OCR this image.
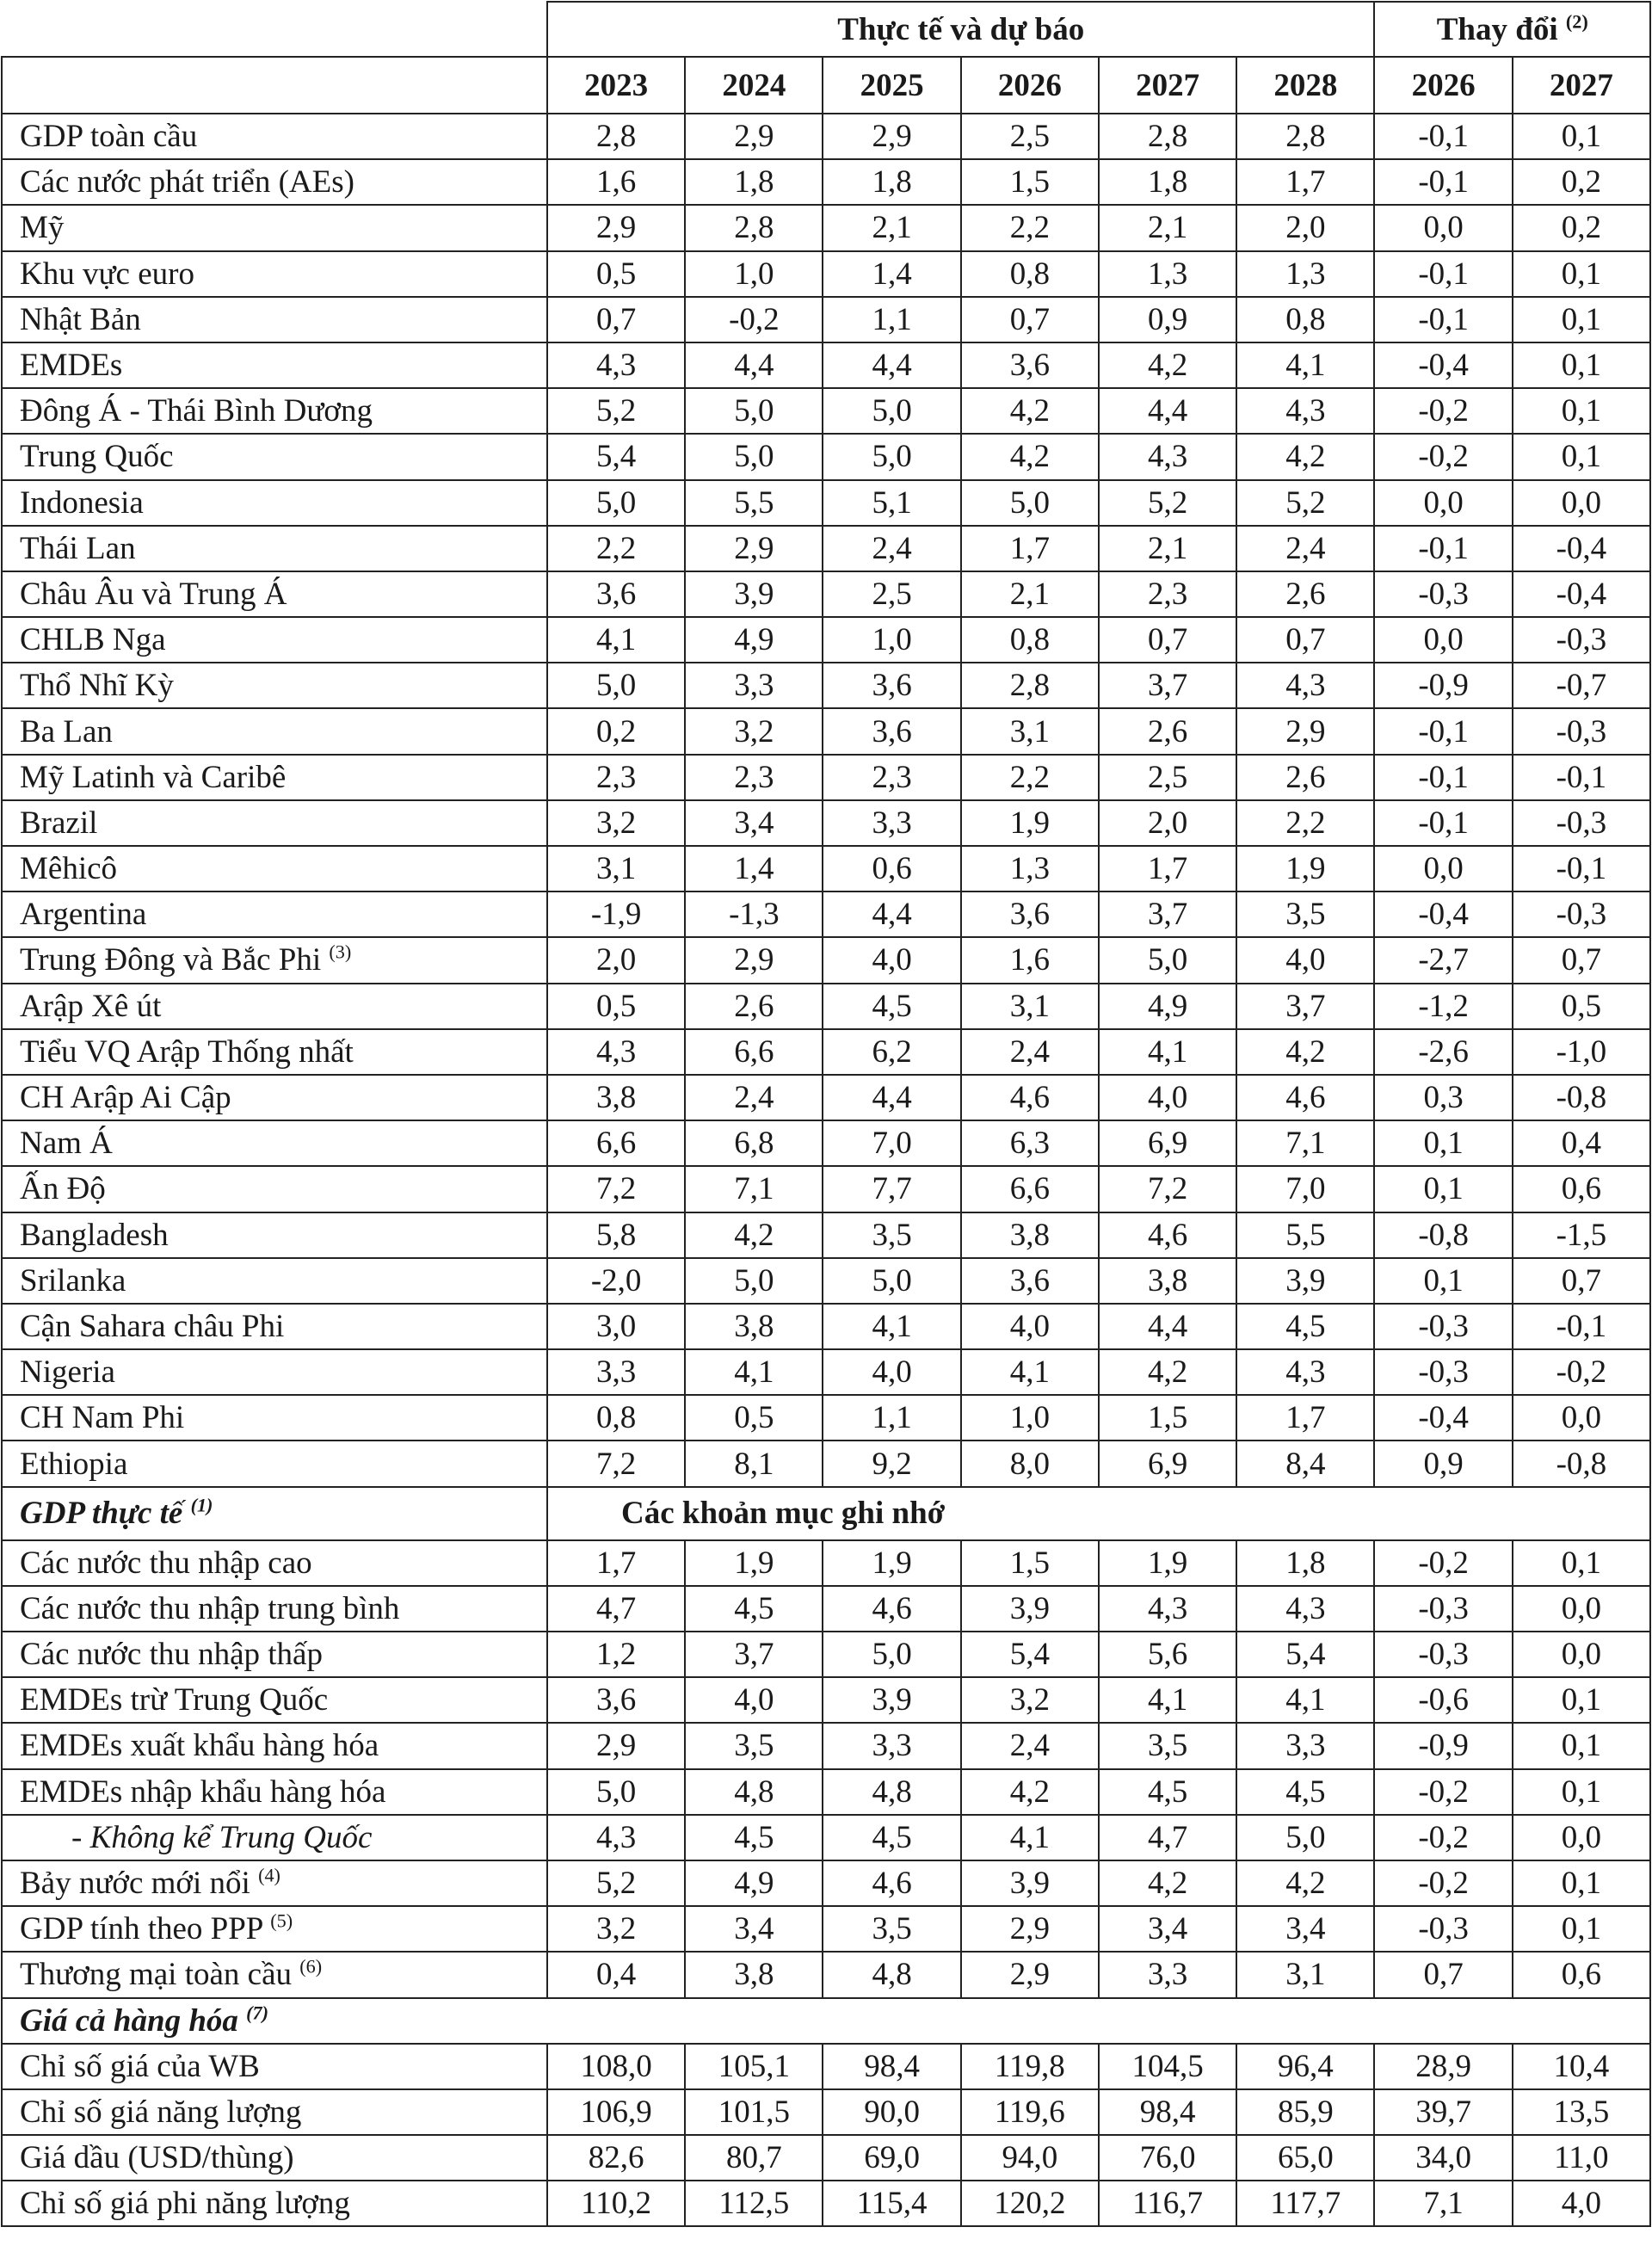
	Thực tế và dự báo						Thay đổi $^{(2)}$
	2023	2024	2025	2026	2027	2028	2026	2027
GDP toàn cầu	2,8	2,9	2,9	2,5	2,8	2,8	-0,1	0,1
Các nước phát triển (AEs)	1,6	1,8	1,8	1,5	1,8	1,7	-0,1	0,2
Mỹ	2,9	2,8	2,1	2,2	2,1	2,0	0,0	0,2
Khu vực euro	0,5	1,0	1,4	0,8	1,3	1,3	-0,1	0,1
Nhật Bản	0,7	-0,2	1,1	0,7	0,9	0,8	-0,1	0,1
EMDEs	4,3	4,4	4,4	3,6	4,2	4,1	-0,4	0,1
Đông Á - Thái Bình Dương	5,2	5,0	5,0	4,2	4,4	4,3	-0,2	0,1
Trung Quốc	5,4	5,0	5,0	4,2	4,3	4,2	-0,2	0,1
Indonesia	5,0	5,5	5,1	5,0	5,2	5,2	0,0	0,0
Thái Lan	2,2	2,9	2,4	1,7	2,1	2,4	-0,1	-0,4
Châu Âu và Trung Á	3,6	3,9	2,5	2,1	2,3	2,6	-0,3	-0,4
CHLB Nga	4,1	4,9	1,0	0,8	0,7	0,7	0,0	-0,3
Thổ Nhĩ Kỳ	5,0	3,3	3,6	2,8	3,7	4,3	-0,9	-0,7
Ba Lan	0,2	3,2	3,6	3,1	2,6	2,9	-0,1	-0,3
Mỹ Latinh và Caribê	2,3	2,3	2,3	2,2	2,5	2,6	-0,1	-0,1
Brazil	3,2	3,4	3,3	1,9	2,0	2,2	-0,1	-0,3
Mêhicô	3,1	1,4	0,6	1,3	1,7	1,9	0,0	-0,1
Argentina	-1,9	-1,3	4,4	3,6	3,7	3,5	-0,4	-0,3
Trung Đông và Bắc Phi $^{(3)}$	2,0	2,9	4,0	1,6	5,0	4,0	-2,7	0,7
Arập Xê út	0,5	2,6	4,5	3,1	4,9	3,7	-1,2	0,5
Tiểu VQ Arập Thống nhất	4,3	6,6	6,2	2,4	4,1	4,2	-2,6	-1,0
CH Arập Ai Cập	3,8	2,4	4,4	4,6	4,0	4,6	0,3	-0,8
Nam Á	6,6	6,8	7,0	6,3	6,9	7,1	0,1	0,4
Ấn Độ	7,2	7,1	7,7	6,6	7,2	7,0	0,1	0,6
Bangladesh	5,8	4,2	3,5	3,8	4,6	5,5	-0,8	-1,5
Srilanka	-2,0	5,0	5,0	3,6	3,8	3,9	0,1	0,7
Cận Sahara châu Phi	3,0	3,8	4,1	4,0	4,4	4,5	-0,3	-0,1
Nigeria	3,3	4,1	4,0	4,1	4,2	4,3	-0,3	-0,2
CH Nam Phi	0,8	0,5	1,1	1,0	1,5	1,7	-0,4	0,0
Ethiopia	7,2	8,1	9,2	8,0	6,9	8,4	0,9	-0,8
GDP thực tế $^{(1)}$	Các khoản mục ghi nhớ							
Các nước thu nhập cao	1,7	1,9	1,9	1,5	1,9	1,8	-0,2	0,1
Các nước thu nhập trung bình	4,7	4,5	4,6	3,9	4,3	4,3	-0,3	0,0
Các nước thu nhập thấp	1,2	3,7	5,0	5,4	5,6	5,4	-0,3	0,0
EMDEs trừ Trung Quốc	3,6	4,0	3,9	3,2	4,1	4,1	-0,6	0,1
EMDEs xuất khẩu hàng hóa	2,9	3,5	3,3	2,4	3,5	3,3	-0,9	0,1
EMDEs nhập khẩu hàng hóa	5,0	4,8	4,8	4,2	4,5	4,5	-0,2	0,1
- Không kể Trung Quốc	4,3	4,5	4,5	4,1	4,7	5,0	-0,2	0,0
Bảy nước mới nổi $^{(4)}$	5,2	4,9	4,6	3,9	4,2	4,2	-0,2	0,1
GDP tính theo PPP $^{(5)}$	3,2	3,4	3,5	2,9	3,4	3,4	-0,3	0,1
Thương mại toàn cầu $^{(6)}$	0,4	3,8	4,8	2,9	3,3	3,1	0,7	0,6
Giá cả hàng hóa $^{(7)}$
Chỉ số giá của WB	108,0	105,1	98,4	119,8	104,5	96,4	28,9	10,4
Chỉ số giá năng lượng	106,9	101,5	90,0	119,6	98,4	85,9	39,7	13,5
Giá dầu (USD/thùng)	82,6	80,7	69,0	94,0	76,0	65,0	34,0	11,0
Chỉ số giá phi năng lượng	110,2	112,5	115,4	120,2	116,7	117,7	7,1	4,0
